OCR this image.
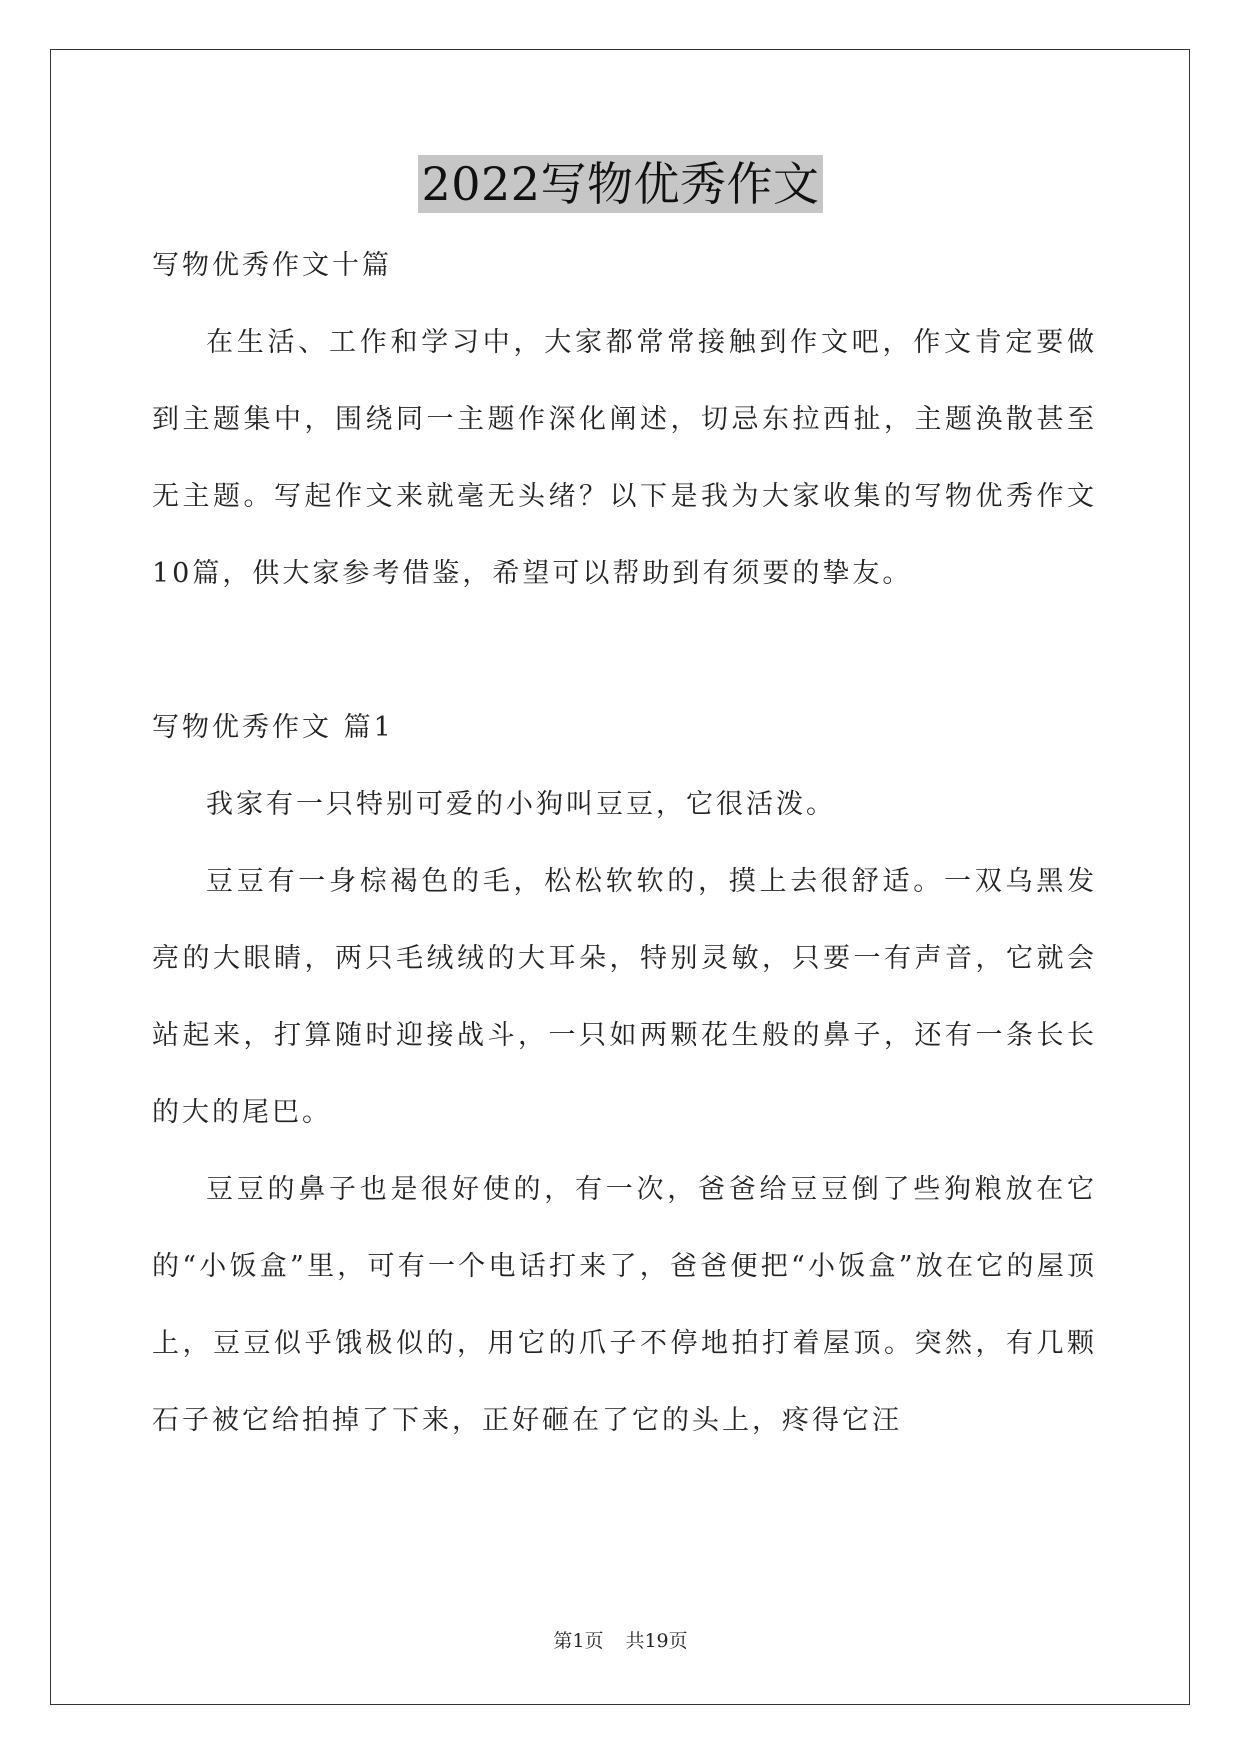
2022写物优秀作文

写物优秀作文十篇

在生活、工作和学习中，大家都常常接触到作文吧，作文肯定要做到主题集中，围绕同一主题作深化阐述，切忌东拉西扯，主题涣散甚至无主题。写起作文来就毫无头绪？以下是我为大家收集的写物优秀作文10篇，供大家参考借鉴，希望可以帮助到有须要的挚友。

写物优秀作文 篇1

我家有一只特别可爱的小狗叫豆豆，它很活泼。

豆豆有一身棕褐色的毛，松松软软的，摸上去很舒适。一双乌黑发亮的大眼睛，两只毛绒绒的大耳朵，特别灵敏，只要一有声音，它就会站起来，打算随时迎接战斗，一只如两颗花生般的鼻子，还有一条长长的大的尾巴。

豆豆的鼻子也是很好使的，有一次，爸爸给豆豆倒了些狗粮放在它的“小饭盒”里，可有一个电话打来了，爸爸便把“小饭盒”放在它的屋顶上，豆豆似乎饿极似的，用它的爪子不停地拍打着屋顶。突然，有几颗石子被它给拍掉了下来，正好砸在了它的头上，疼得它汪

第1页 共19页
